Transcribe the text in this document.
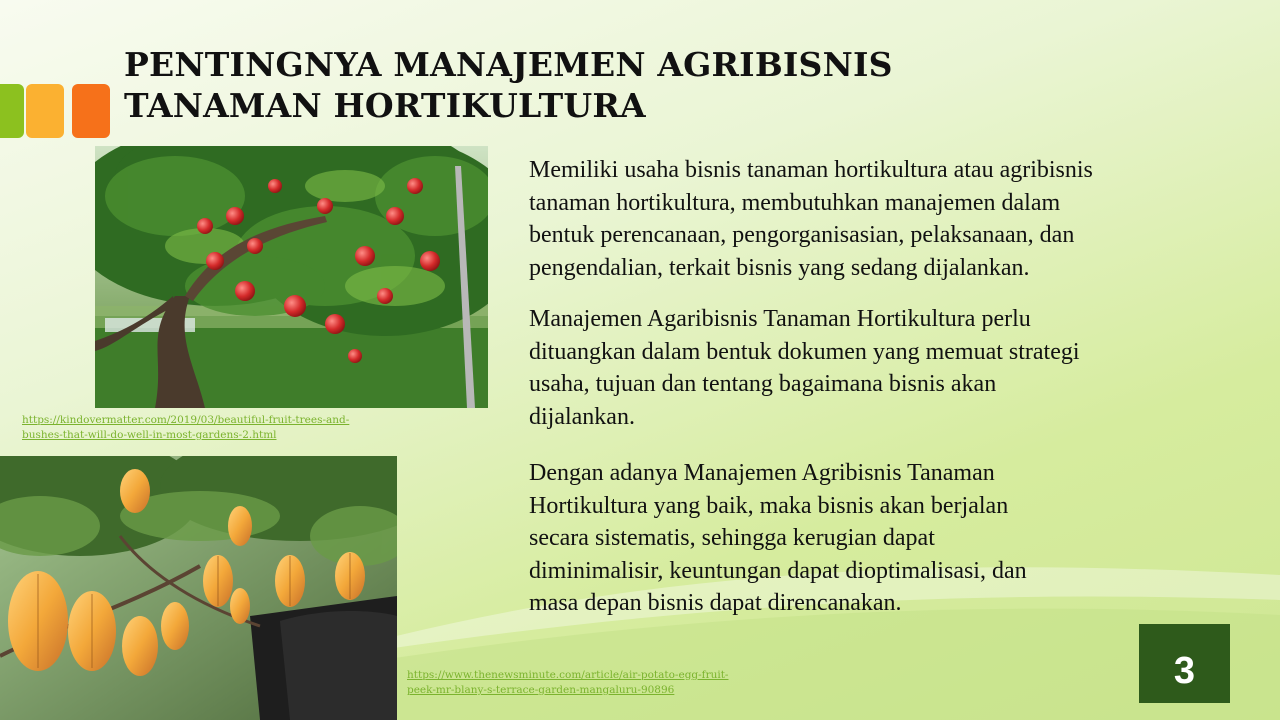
PENTINGNYA MANAJEMEN AGRIBISNIS
TANAMAN HORTIKULTURA
https://kindovermatter.com/2019/03/beautiful-fruit-trees-and-
bushes-that-will-do-well-in-most-gardens-2.html
https://www.thenewsminute.com/article/air-potato-egg-fruit-
peek-mr-blany-s-terrace-garden-mangaluru-90896
Memiliki usaha bisnis tanaman hortikultura atau agribisnis
tanaman hortikultura, membutuhkan manajemen dalam
bentuk perencanaan, pengorganisasian, pelaksanaan, dan
pengendalian, terkait bisnis yang sedang dijalankan.
Manajemen Agaribisnis Tanaman Hortikultura perlu
dituangkan dalam bentuk dokumen yang memuat strategi
usaha, tujuan dan tentang bagaimana bisnis akan
dijalankan.
Dengan adanya Manajemen Agribisnis Tanaman
Hortikultura yang baik, maka bisnis akan berjalan
secara sistematis, sehingga kerugian dapat
diminimalisir, keuntungan dapat dioptimalisasi, dan
masa depan bisnis dapat direncanakan.
3
